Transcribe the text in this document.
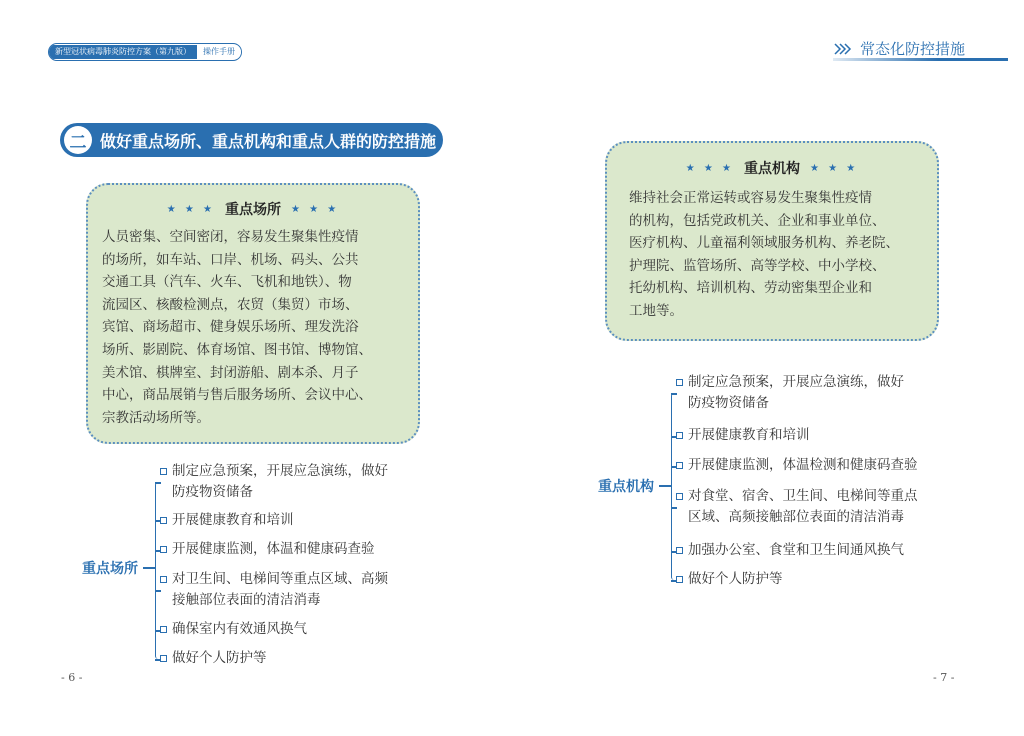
新型冠状病毒肺炎防控方案（第九版）	操作手册	常态化防控措施
二 做好重点场所、重点机构和重点人群的防控措施
★ ★ ★ 重点场所 ★ ★ ★
人员密集、空间密闭，容易发生聚集性疫情
的场所，如车站、口岸、机场、码头、公共
交通工具（汽车、火车、飞机和地铁）、物
流园区、核酸检测点，农贸（集贸）市场、
宾馆、商场超市、健身娱乐场所、理发洗浴
场所、影剧院、体育场馆、图书馆、博物馆、
美术馆、棋牌室、封闭游船、剧本杀、月子
中心，商品展销与售后服务场所、会议中心、
宗教活动场所等。
★ ★ ★ 重点机构 ★ ★ ★
维持社会正常运转或容易发生聚集性疫情
的机构，包括党政机关、企业和事业单位、
医疗机构、儿童福利领域服务机构、养老院、
护理院、监管场所、高等学校、中小学校、
托幼机构、培训机构、劳动密集型企业和
工地等。
重点场所
制定应急预案，开展应急演练，做好
防疫物资储备
开展健康教育和培训
开展健康监测，体温和健康码查验
对卫生间、电梯间等重点区域、高频
接触部位表面的清洁消毒
确保室内有效通风换气
做好个人防护等
重点机构
制定应急预案，开展应急演练，做好
防疫物资储备
开展健康教育和培训
开展健康监测，体温检测和健康码查验
对食堂、宿舍、卫生间、电梯间等重点
区域、高频接触部位表面的清洁消毒
加强办公室、食堂和卫生间通风换气
做好个人防护等
- 6 -	- 7 -
